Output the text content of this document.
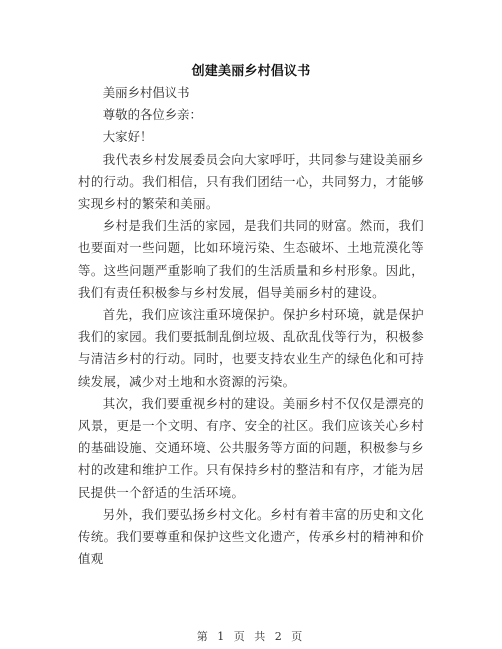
创建美丽乡村倡议书

美丽乡村倡议书

尊敬的各位乡亲：

大家好！

我代表乡村发展委员会向大家呼吁，共同参与建设美丽乡村的行动。我们相信，只有我们团结一心，共同努力，才能够实现乡村的繁荣和美丽。

乡村是我们生活的家园，是我们共同的财富。然而，我们也要面对一些问题，比如环境污染、生态破坏、土地荒漠化等等。这些问题严重影响了我们的生活质量和乡村形象。因此，我们有责任积极参与乡村发展，倡导美丽乡村的建设。

首先，我们应该注重环境保护。保护乡村环境，就是保护我们的家园。我们要抵制乱倒垃圾、乱砍乱伐等行为，积极参与清洁乡村的行动。同时，也要支持农业生产的绿色化和可持续发展，减少对土地和水资源的污染。

其次，我们要重视乡村的建设。美丽乡村不仅仅是漂亮的风景，更是一个文明、有序、安全的社区。我们应该关心乡村的基础设施、交通环境、公共服务等方面的问题，积极参与乡村的改建和维护工作。只有保持乡村的整洁和有序，才能为居民提供一个舒适的生活环境。

另外，我们要弘扬乡村文化。乡村有着丰富的历史和文化传统。我们要尊重和保护这些文化遗产，传承乡村的精神和价值观

第 1 页 共 2 页
